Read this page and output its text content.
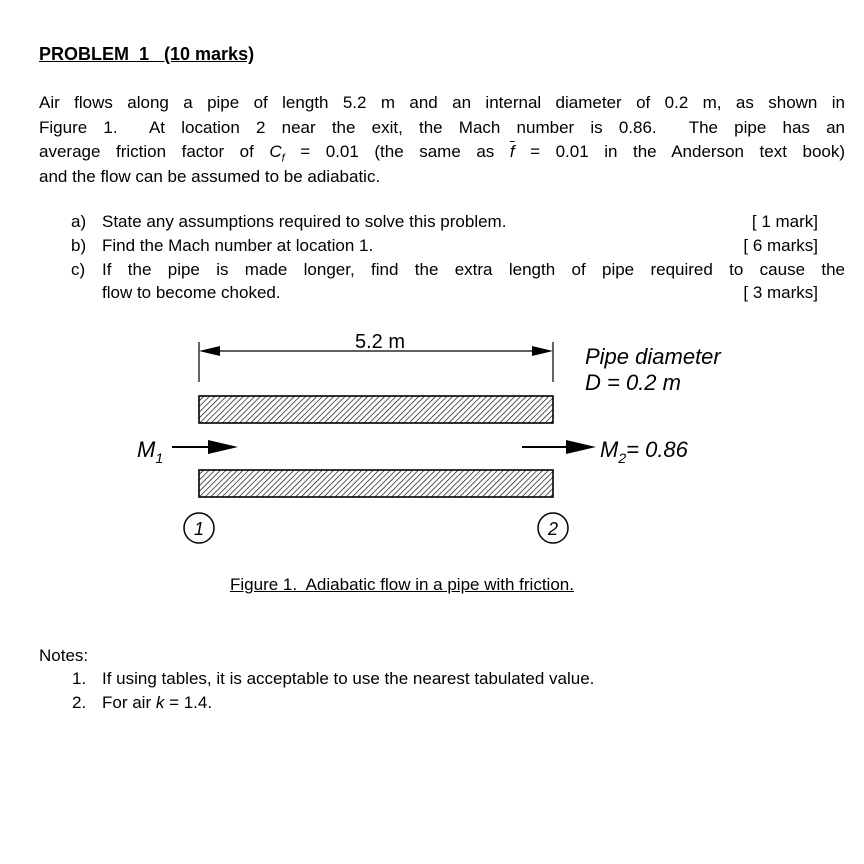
PROBLEM  1   (10 marks)
Air flows along a pipe of length 5.2 m and an internal diameter of 0.2 m, as shown in
Figure 1.  At location 2 near the exit, the Mach number is 0.86.  The pipe has an
average friction factor of $C_f = 0.01$ (the same as $\overline{f} = 0.01$ in the Anderson text book)
and the flow can be assumed to be adiabatic.
a) State any assumptions required to solve this problem.	[ 1 mark]
b) Find the Mach number at location 1.	[ 6 marks]
c) If the pipe is made longer, find the extra length of pipe required to cause the
flow to become choked.	[ 3 marks]
5.2 m
$M_1$	$M_2= 0.86$
Pipe diameter
D = 0.2 m
1	2
Figure 1.  Adiabatic flow in a pipe with friction.
Notes:
1. If using tables, it is acceptable to use the nearest tabulated value.
2. For air k = 1.4.
